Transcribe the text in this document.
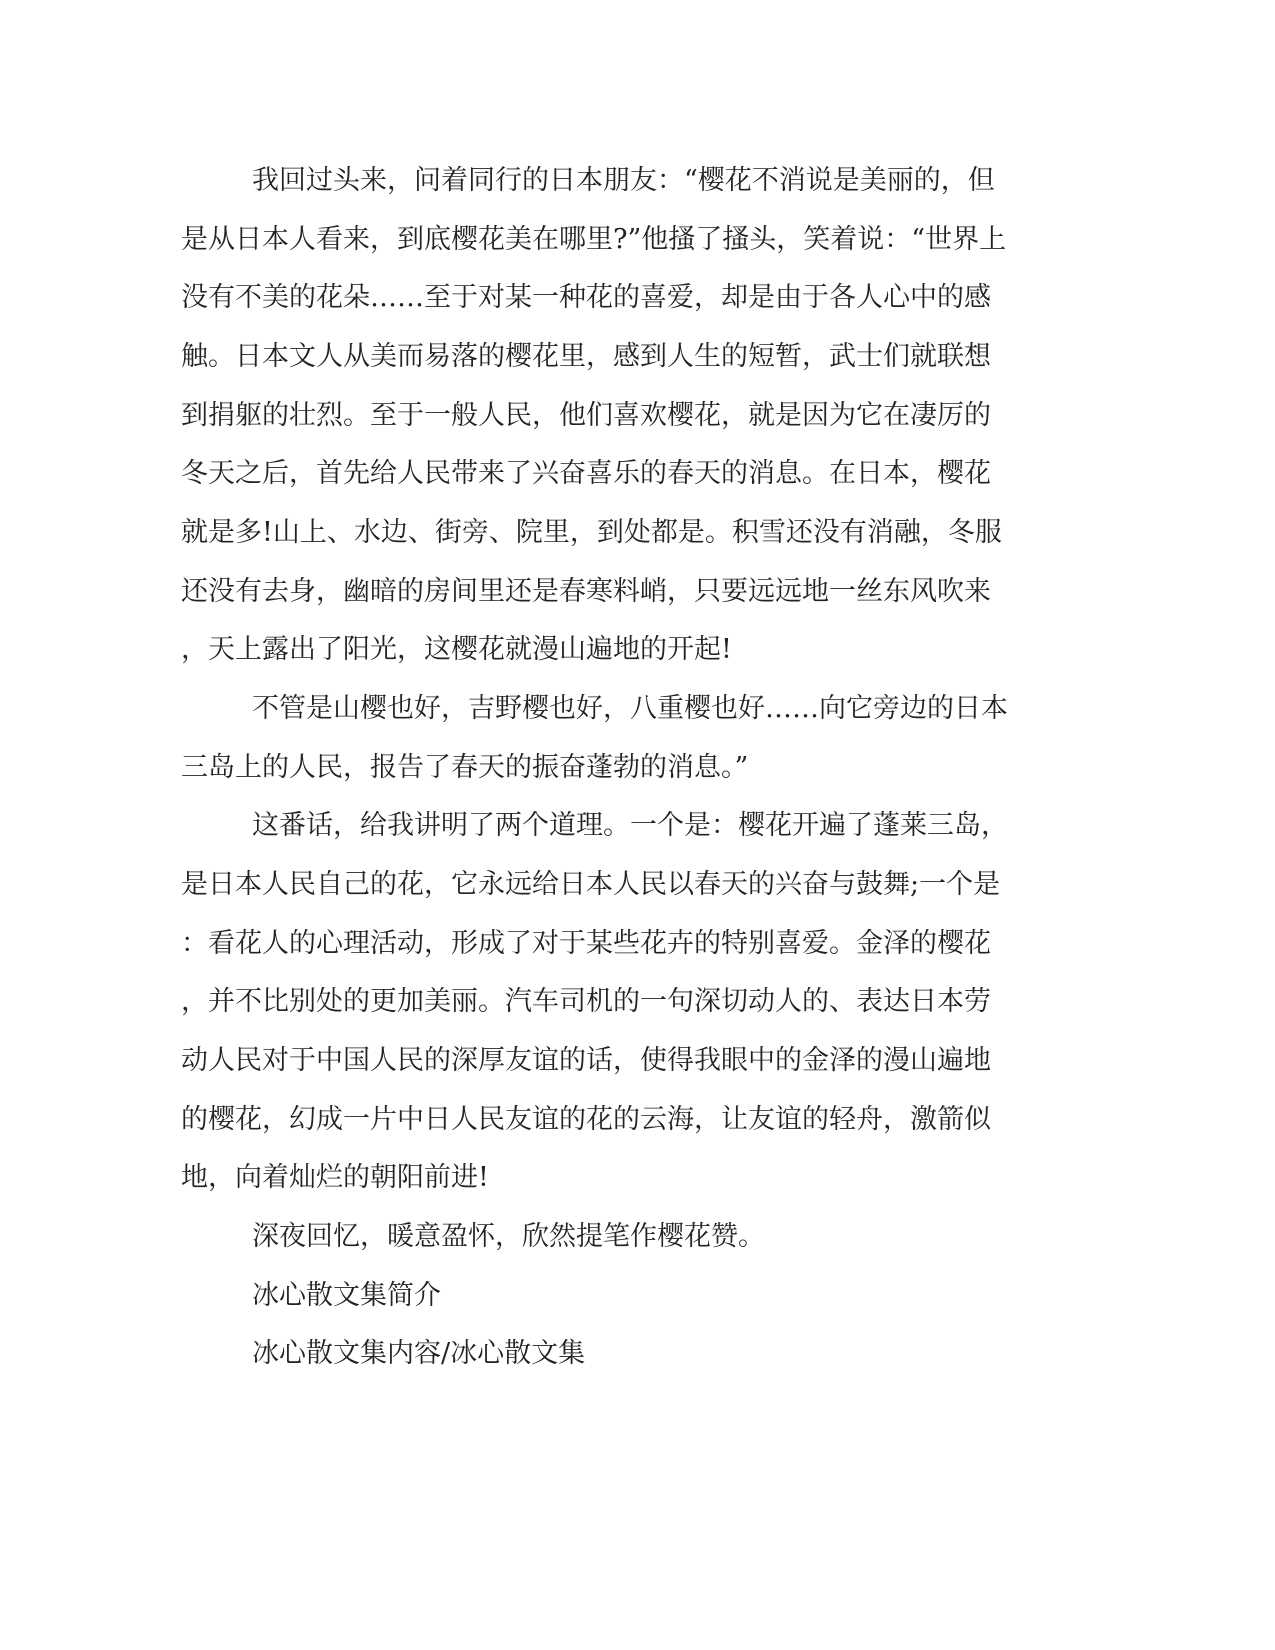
我回过头来，问着同行的日本朋友：“樱花不消说是美丽的，但
是从日本人看来，到底樱花美在哪里?”他搔了搔头，笑着说：“世界上
没有不美的花朵……至于对某一种花的喜爱，却是由于各人心中的感
触。日本文人从美而易落的樱花里，感到人生的短暂，武士们就联想
到捐躯的壮烈。至于一般人民，他们喜欢樱花，就是因为它在凄厉的
冬天之后，首先给人民带来了兴奋喜乐的春天的消息。在日本，樱花
就是多!山上、水边、街旁、院里，到处都是。积雪还没有消融，冬服
还没有去身，幽暗的房间里还是春寒料峭，只要远远地一丝东风吹来
，天上露出了阳光，这樱花就漫山遍地的开起!
不管是山樱也好，吉野樱也好，八重樱也好……向它旁边的日本
三岛上的人民，报告了春天的振奋蓬勃的消息。”
这番话，给我讲明了两个道理。一个是：樱花开遍了蓬莱三岛，
是日本人民自己的花，它永远给日本人民以春天的兴奋与鼓舞;一个是
：看花人的心理活动，形成了对于某些花卉的特别喜爱。金泽的樱花
，并不比别处的更加美丽。汽车司机的一句深切动人的、表达日本劳
动人民对于中国人民的深厚友谊的话，使得我眼中的金泽的漫山遍地
的樱花，幻成一片中日人民友谊的花的云海，让友谊的轻舟，激箭似
地，向着灿烂的朝阳前进!
深夜回忆，暖意盈怀，欣然提笔作樱花赞。
冰心散文集简介
冰心散文集内容/冰心散文集
